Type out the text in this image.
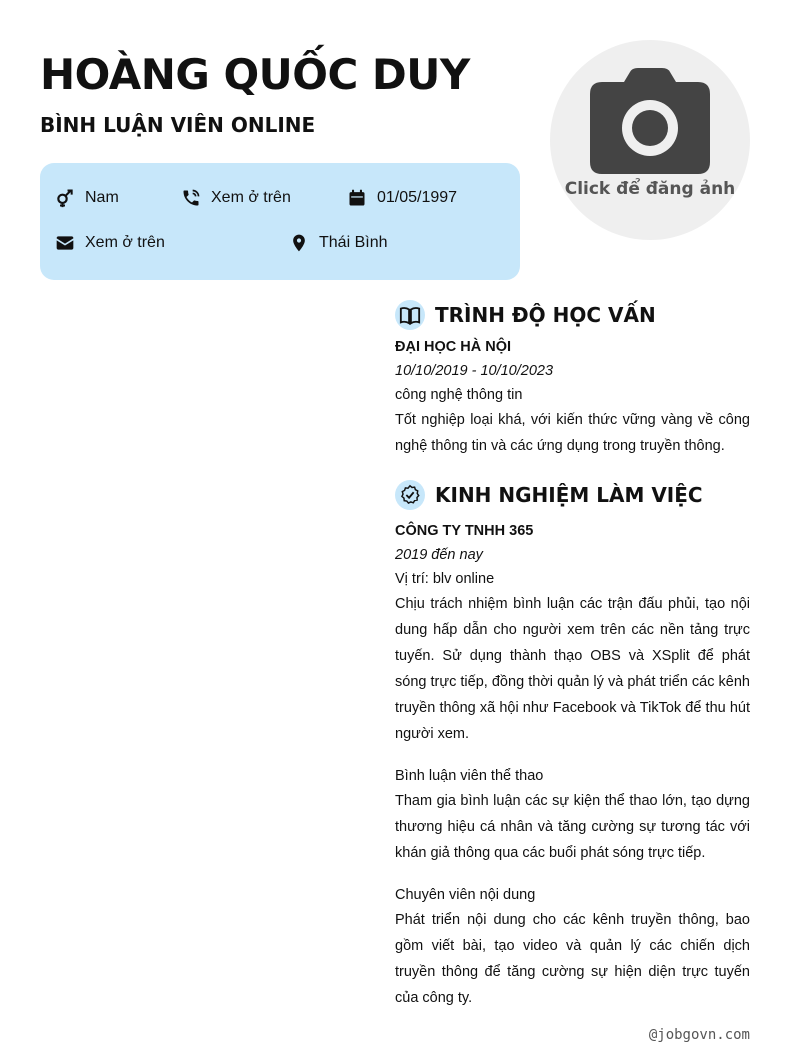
HOÀNG QUỐC DUY
BÌNH LUẬN VIÊN ONLINE
Nam	Xem ở trên	01/05/1997
Xem ở trên	Thái Bình
Click để đăng ảnh
TRÌNH ĐỘ HỌC VẤN
ĐẠI HỌC HÀ NỘI
10/10/2019 - 10/10/2023
công nghệ thông tin
Tốt nghiệp loại khá, với kiến thức vững vàng về công nghệ thông tin và các ứng dụng trong truyền thông.
KINH NGHIỆM LÀM VIỆC
CÔNG TY TNHH 365
2019 đến nay
Vị trí: blv online
Chịu trách nhiệm bình luận các trận đấu phủi, tạo nội dung hấp dẫn cho người xem trên các nền tảng trực tuyến. Sử dụng thành thạo OBS và XSplit để phát sóng trực tiếp, đồng thời quản lý và phát triển các kênh truyền thông xã hội như Facebook và TikTok để thu hút người xem.
Bình luận viên thể thao
Tham gia bình luận các sự kiện thể thao lớn, tạo dựng thương hiệu cá nhân và tăng cường sự tương tác với khán giả thông qua các buổi phát sóng trực tiếp.
Chuyên viên nội dung
Phát triển nội dung cho các kênh truyền thông, bao gồm viết bài, tạo video và quản lý các chiến dịch truyền thông để tăng cường sự hiện diện trực tuyến của công ty.
@jobgovn.com
